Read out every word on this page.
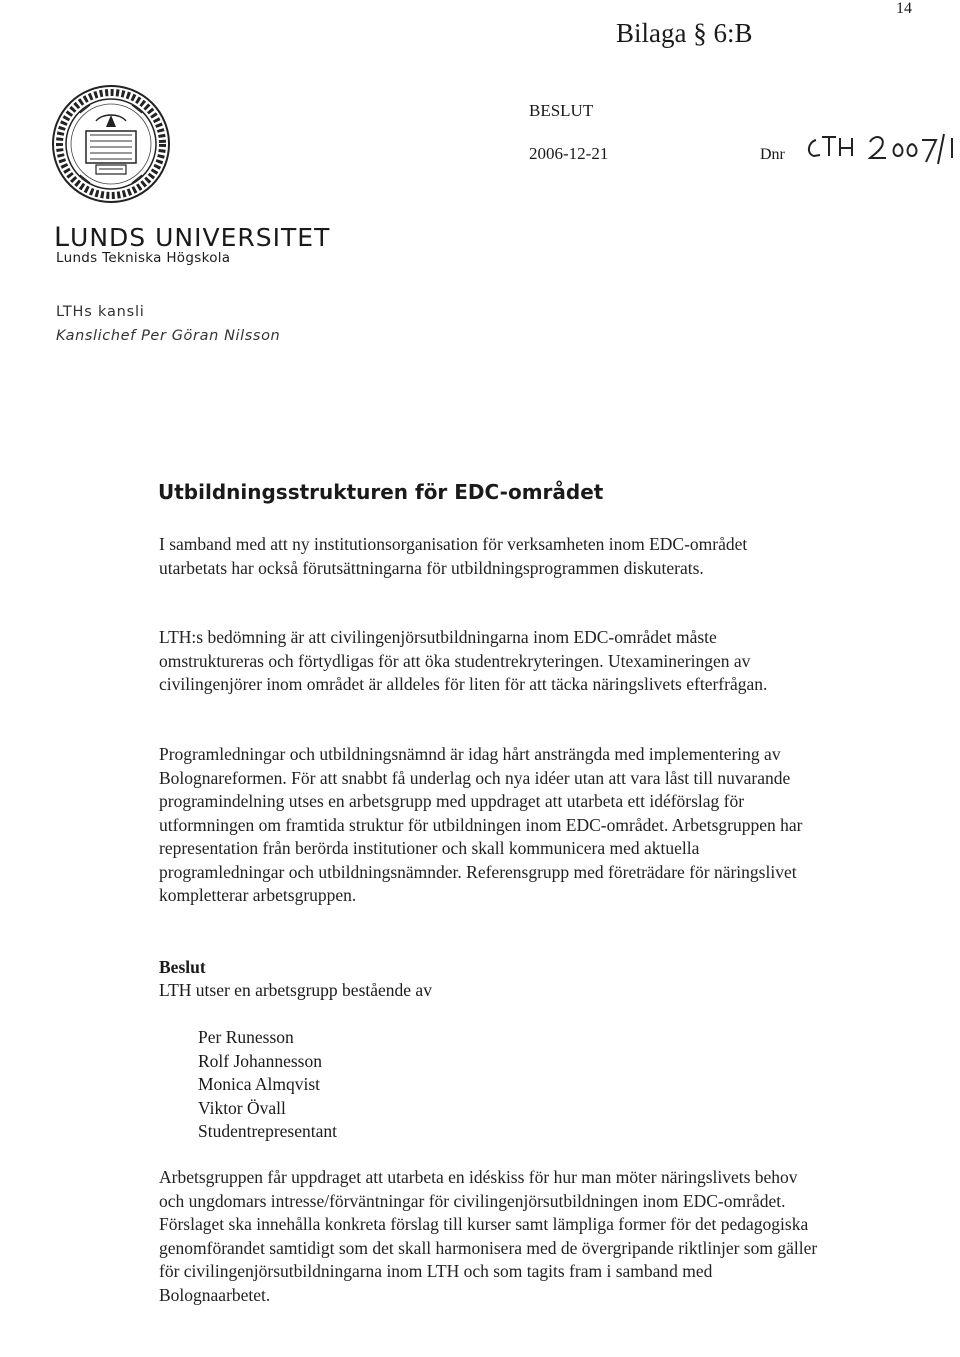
14
Bilaga § 6:B
LUNDS UNIVERSITET
Lunds Tekniska Högskola
LTHs kansli
Kanslichef Per Göran Nilsson
BESLUT
2006-12-21	Dnr
Utbildningsstrukturen för EDC-området

I samband med att ny institutionsorganisation för verksamheten inom EDC-området utarbetats har också förutsättningarna för utbildningsprogrammen diskuterats.

LTH:s bedömning är att civilingenjörsutbildningarna inom EDC-området måste omstruktureras och förtydligas för att öka studentrekryteringen. Utexamineringen av civilingenjörer inom området är alldeles för liten för att täcka näringslivets efterfrågan.

Programledningar och utbildningsnämnd är idag hårt ansträngda med implementering av Bolognareformen. För att snabbt få underlag och nya idéer utan att vara låst till nuvarande programindelning utses en arbetsgrupp med uppdraget att utarbeta ett idéförslag för utformningen om framtida struktur för utbildningen inom EDC-området. Arbetsgruppen har representation från berörda institutioner och skall kommunicera med aktuella programledningar och utbildningsnämnder. Referensgrupp med företrädare för näringslivet kompletterar arbetsgruppen.

Beslut
LTH utser en arbetsgrupp bestående av
Per Runesson
Rolf Johannesson
Monica Almqvist
Viktor Övall
Studentrepresentant

Arbetsgruppen får uppdraget att utarbeta en idéskiss för hur man möter näringslivets behov och ungdomars intresse/förväntningar för civilingenjörsutbildningen inom EDC-området. Förslaget ska innehålla konkreta förslag till kurser samt lämpliga former för det pedagogiska genomförandet samtidigt som det skall harmonisera med de övergripande riktlinjer som gäller för civilingenjörsutbildningarna inom LTH och som tagits fram i samband med Bolognaarbetet.
